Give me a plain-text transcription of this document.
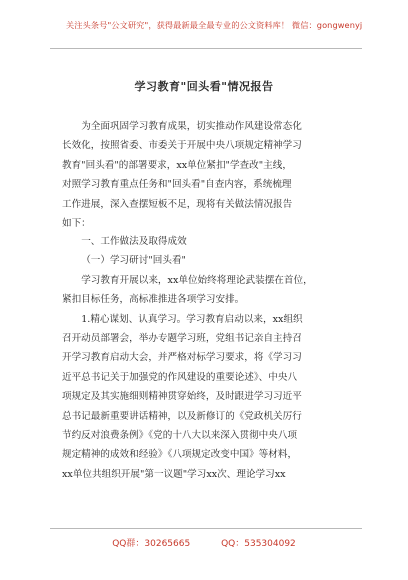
关注头条号"公文研究"，获得最新最全最专业的公文资料库！ 微信：gongwenyj
学习教育"回头看"情况报告
为全面巩固学习教育成果，切实推动作风建设常态化
长效化，按照省委、市委关于开展中央八项规定精神学习
教育"回头看"的部署要求，xx单位紧扣"学查改"主线，
对照学习教育重点任务和"回头看"自查内容，系统梳理
工作进展，深入查摆短板不足，现将有关做法情况报告
如下：
一、工作做法及取得成效
（一）学习研讨"回头看"
学习教育开展以来，xx单位始终将理论武装摆在首位，
紧扣目标任务，高标准推进各项学习安排。
1.精心谋划、认真学习。学习教育启动以来，xx组织
召开动员部署会，举办专题学习班，党组书记亲自主持召
开学习教育启动大会，并严格对标学习要求，将《学习习
近平总书记关于加强党的作风建设的重要论述》、中央八
项规定及其实施细则精神贯穿始终，及时跟进学习习近平
总书记最新重要讲话精神，以及新修订的《党政机关厉行
节约反对浪费条例》《党的十八大以来深入贯彻中央八项
规定精神的成效和经验》《八项规定改变中国》等材料，
xx单位共组织开展"第一议题"学习xx次、理论学习xx
QQ群：30265665	QQ：535304092
